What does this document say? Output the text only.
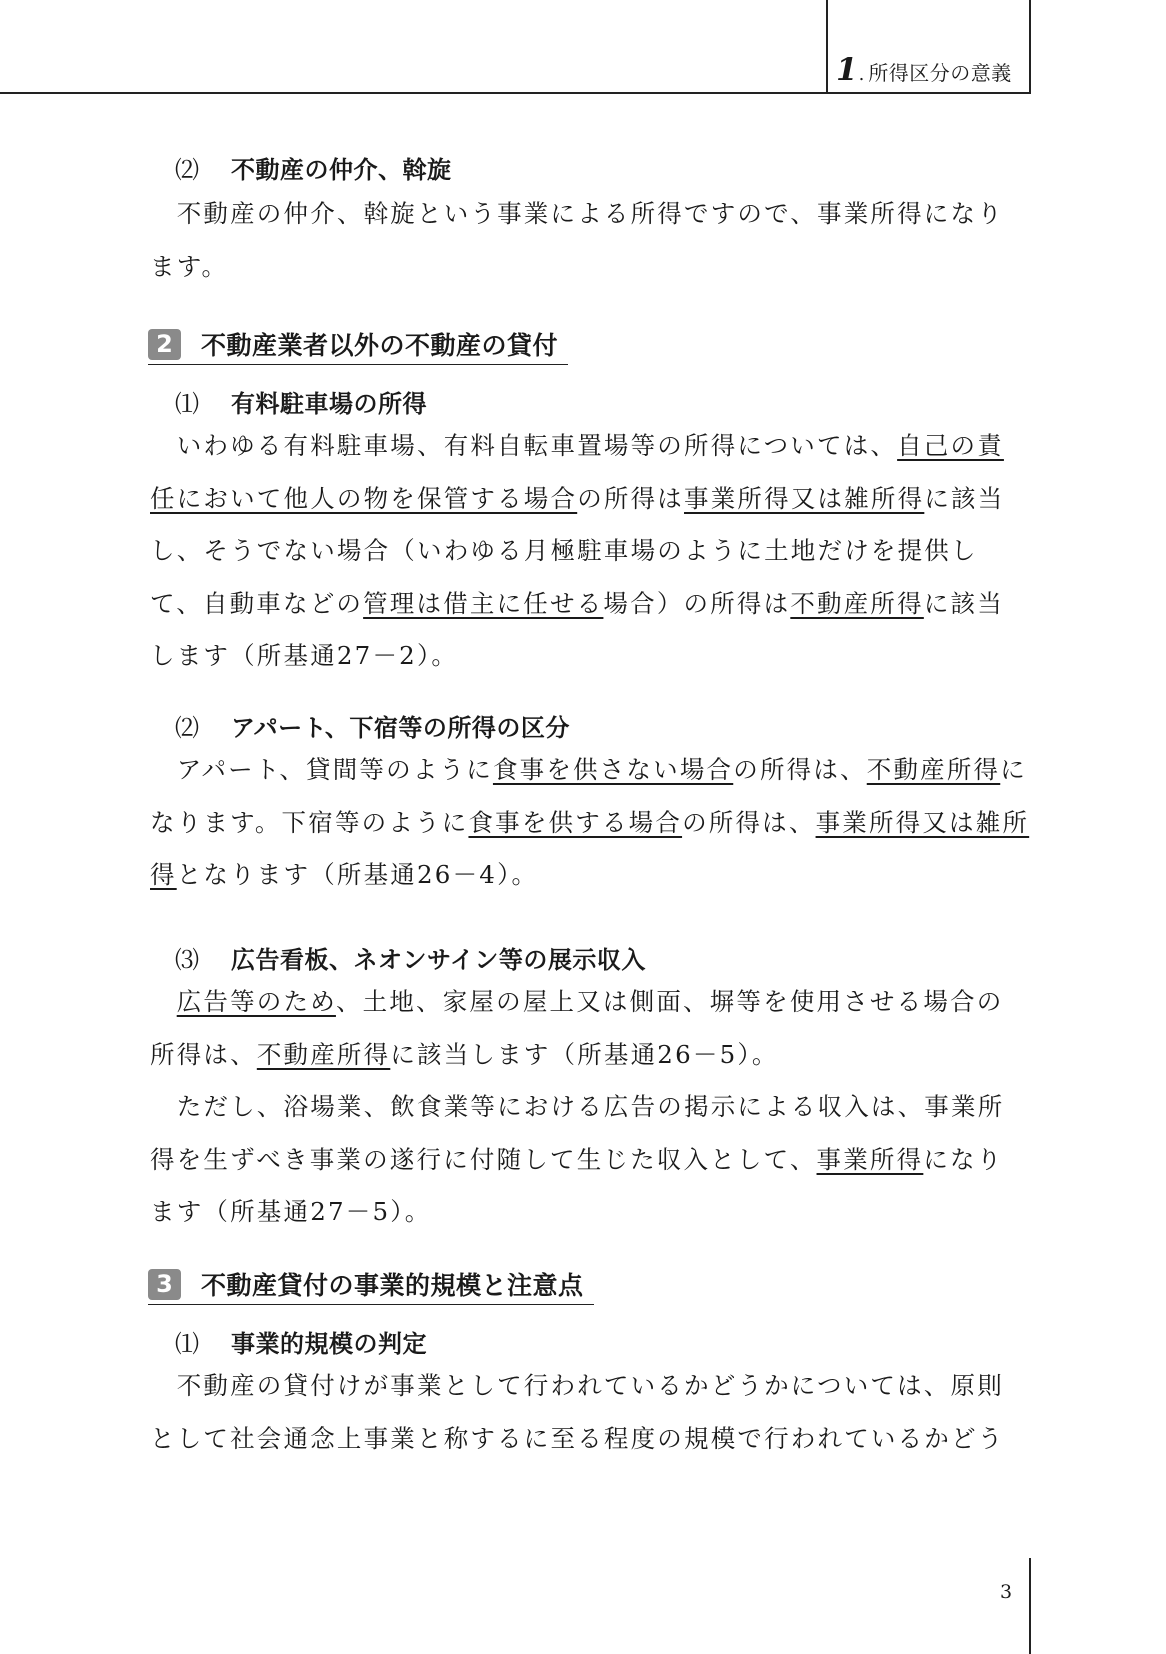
1 . 所得区分の意義
⑵ 不動産の仲介、斡旋

　不動産の仲介、斡旋という事業による所得ですので、事業所得になります。

2	不動産業者以外の不動産の貸付
⑴ 有料駐車場の所得

　いわゆる有料駐車場、有料自転車置場等の所得については、自己の責任において他人の物を保管する場合の所得は事業所得又は雑所得に該当し、そうでない場合（いわゆる月極駐車場のように土地だけを提供して、自動車などの管理は借主に任せる場合）の所得は不動産所得に該当します（所基通27－2）。

⑵ アパート、下宿等の所得の区分

　アパート、貸間等のように食事を供さない場合の所得は、不動産所得になります。下宿等のように食事を供する場合の所得は、事業所得又は雑所得となります（所基通26－4）。

⑶ 広告看板、ネオンサイン等の展示収入

　広告等のため、土地、家屋の屋上又は側面、塀等を使用させる場合の所得は、不動産所得に該当します（所基通26－5）。

　ただし、浴場業、飲食業等における広告の掲示による収入は、事業所得を生ずべき事業の遂行に付随して生じた収入として、事業所得になります（所基通27－5）。

3	不動産貸付の事業的規模と注意点
⑴ 事業的規模の判定

　不動産の貸付けが事業として行われているかどうかについては、原則として社会通念上事業と称するに至る程度の規模で行われているかどう

3
